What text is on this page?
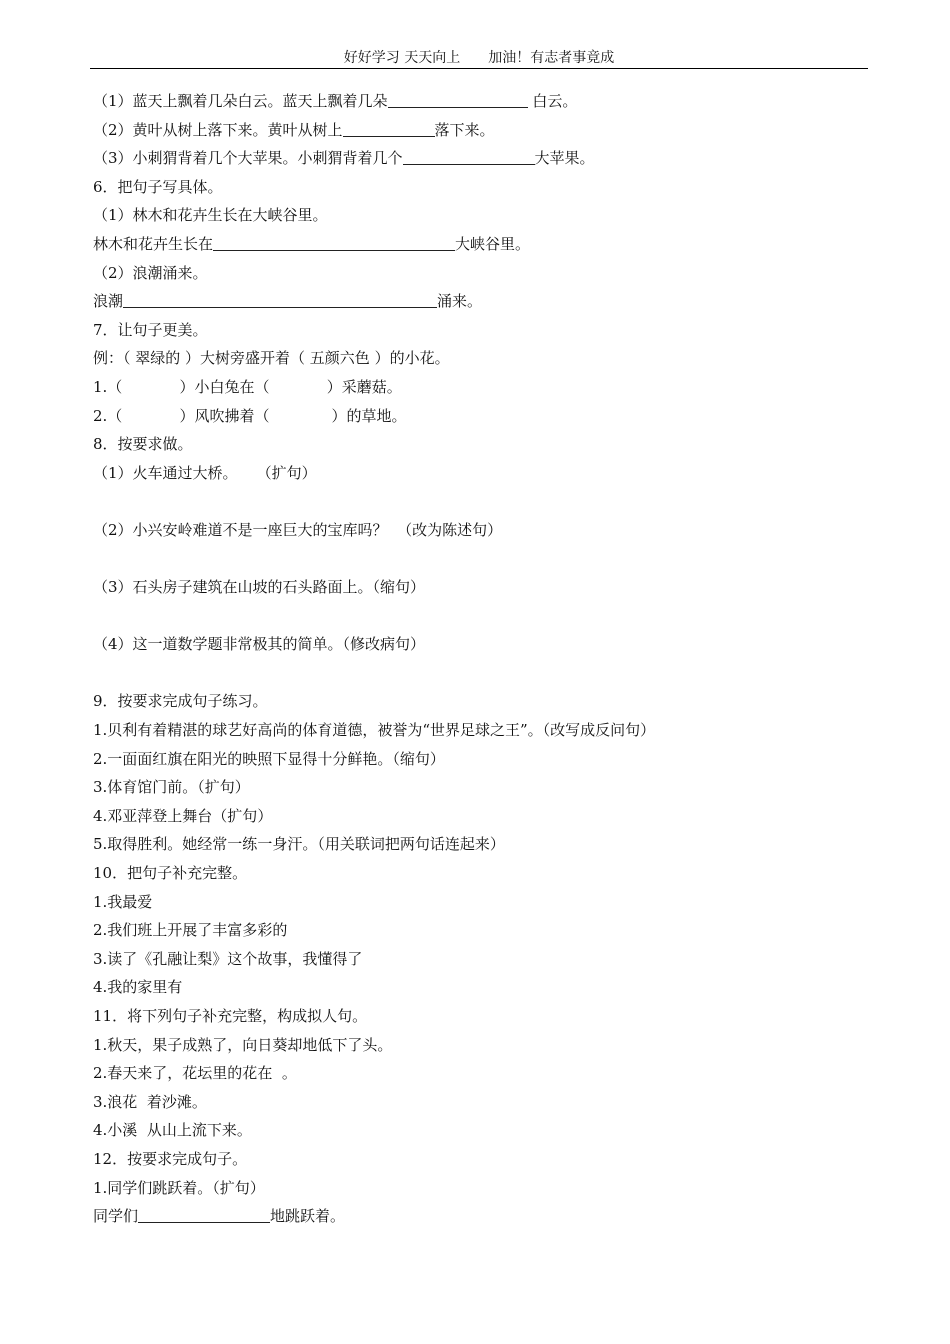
好好学习 天天向上 加油！有志者事竟成
（1）蓝天上飘着几朵白云。蓝天上飘着几朵	白云。
（2）黄叶从树上落下来。黄叶从树上	落下来。
（3）小刺猬背着几个大苹果。小刺猬背着几个	大苹果。
6．把句子写具体。
（1）林木和花卉生长在大峡谷里。
林木和花卉生长在	大峡谷里。
（2）浪潮涌来。
浪潮	涌来。
7．让句子更美。
例：（ 翠绿的 ）大树旁盛开着（ 五颜六色 ）的小花。
1.（            ）小白兔在（            ）采蘑菇。
2.（            ）风吹拂着（             ）的草地。
8．按要求做。
（1）火车通过大桥。    （扩句）
（2）小兴安岭难道不是一座巨大的宝库吗？  （改为陈述句）
（3）石头房子建筑在山坡的石头路面上。（缩句）
（4）这一道数学题非常极其的简单。（修改病句）
9．按要求完成句子练习。
1.贝利有着精湛的球艺好高尚的体育道德，被誉为“世界足球之王”。（改写成反问句）
2.一面面红旗在阳光的映照下显得十分鲜艳。（缩句）
3.体育馆门前。（扩句）
4.邓亚萍登上舞台（扩句）
5.取得胜利。她经常一练一身汗。（用关联词把两句话连起来）
10．把句子补充完整。
1.我最爱
2.我们班上开展了丰富多彩的
3.读了《孔融让梨》这个故事，我懂得了
4.我的家里有
11．将下列句子补充完整，构成拟人句。
1.秋天，果子成熟了，向日葵却地低下了头。
2.春天来了，花坛里的花在  。
3.浪花  着沙滩。
4.小溪  从山上流下来。
12．按要求完成句子。
1.同学们跳跃着。（扩句）
同学们	地跳跃着。
